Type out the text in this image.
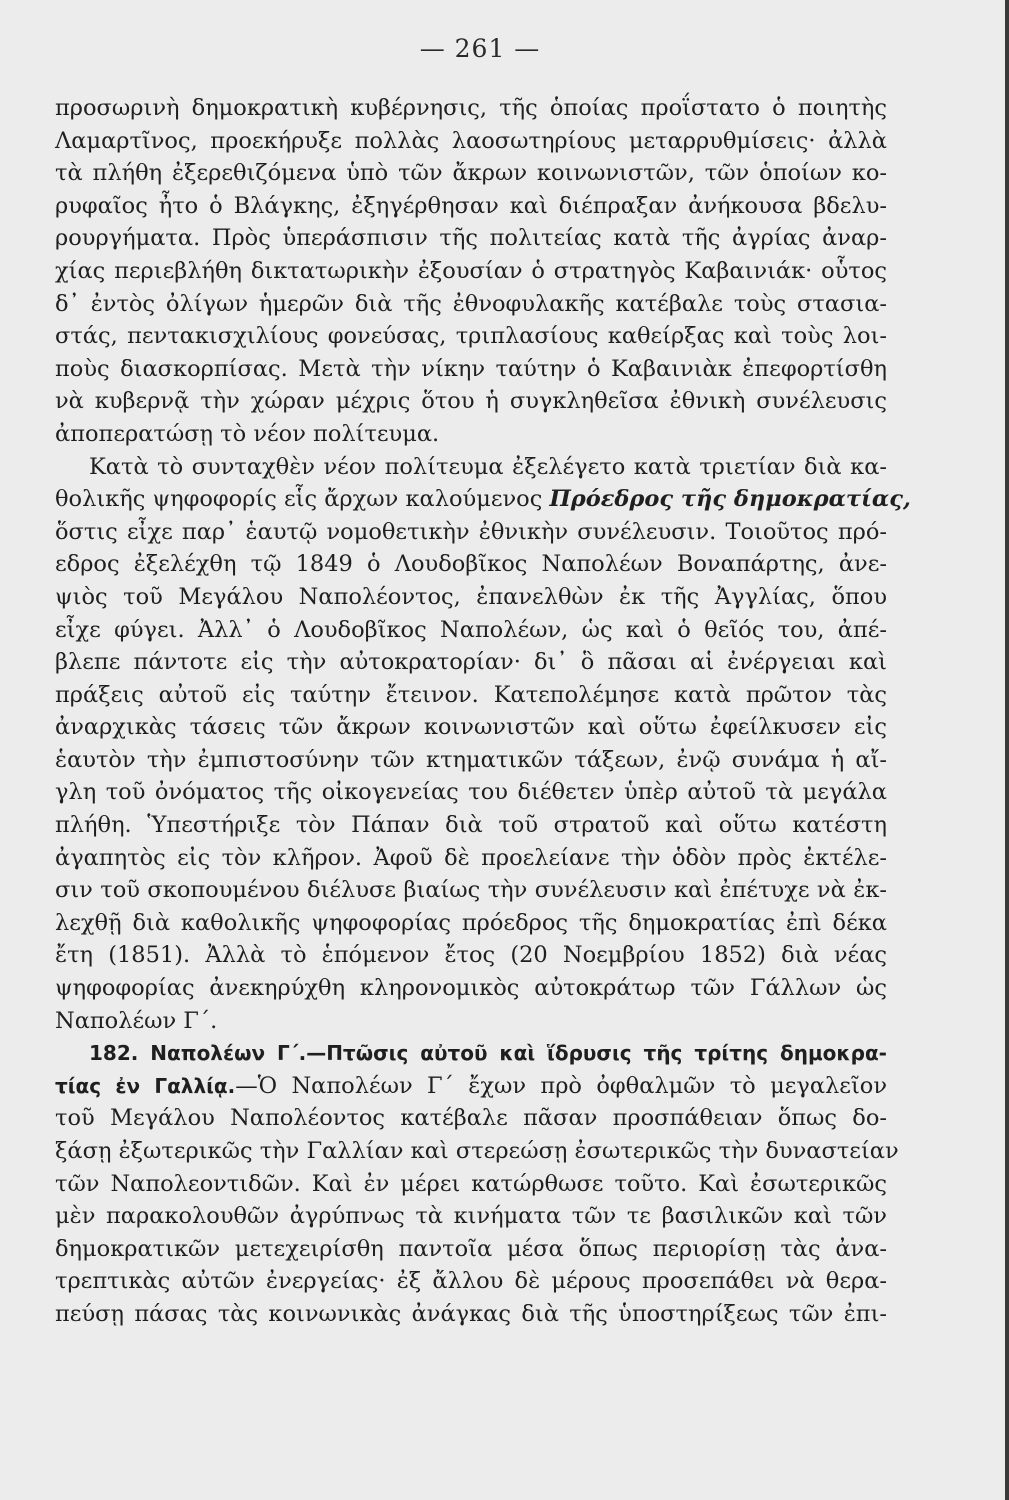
— 261 —
προσωρινὴ δημοκρατικὴ κυβέρνησις, τῆς ὁποίας προΐστατο ὁ ποιητὴς
Λαμαρτῖνος, προεκήρυξε πολλὰς λαοσωτηρίους μεταρρυθμίσεις· ἀλλὰ
τὰ πλήθη ἐξερεθιζόμενα ὑπὸ τῶν ἄκρων κοινωνιστῶν, τῶν ὁποίων κο-
ρυφαῖος ἦτο ὁ Βλάγκης, ἐξηγέρθησαν καὶ διέπραξαν ἀνήκουσα βδελυ-
ρουργήματα. Πρὸς ὑπεράσπισιν τῆς πολιτείας κατὰ τῆς ἀγρίας ἀναρ-
χίας περιεβλήθη δικτατωρικὴν ἐξουσίαν ὁ στρατηγὸς Καβαινιάκ· οὗτος
δ᾽ ἐντὸς ὀλίγων ἡμερῶν διὰ τῆς ἐθνοφυλακῆς κατέβαλε τοὺς στασια-
στάς, πεντακισχιλίους φονεύσας, τριπλασίους καθείρξας καὶ τοὺς λοι-
ποὺς διασκορπίσας. Μετὰ τὴν νίκην ταύτην ὁ Καβαινιὰκ ἐπεφορτίσθη
νὰ κυβερνᾷ τὴν χώραν μέχρις ὅτου ἡ συγκληθεῖσα ἐθνικὴ συνέλευσις
ἀποπερατώσῃ τὸ νέον πολίτευμα.
Κατὰ τὸ συνταχθὲν νέον πολίτευμα ἐξελέγετο κατὰ τριετίαν διὰ κα-
θολικῆς ψηφοφορίς εἷς ἄρχων καλούμενος Πρόεδρος τῆς δημοκρατίας,
ὅστις εἶχε παρ᾽ ἑαυτῷ νομοθετικὴν ἐθνικὴν συνέλευσιν. Τοιοῦτος πρό-
εδρος ἐξελέχθη τῷ 1849 ὁ Λουδοβῖκος Ναπολέων Βοναπάρτης, ἀνε-
ψιὸς τοῦ Μεγάλου Ναπολέοντος, ἐπανελθὼν ἐκ τῆς Ἀγγλίας, ὅπου
εἶχε φύγει. Ἀλλ᾽ ὁ Λουδοβῖκος Ναπολέων, ὡς καὶ ὁ θεῖός του, ἀπέ-
βλεπε πάντοτε εἰς τὴν αὐτοκρατορίαν· δι᾽ ὃ πᾶσαι αἱ ἐνέργειαι καὶ
πράξεις αὐτοῦ εἰς ταύτην ἔτεινον. Κατεπολέμησε κατὰ πρῶτον τὰς
ἀναρχικὰς τάσεις τῶν ἄκρων κοινωνιστῶν καὶ οὕτω ἐφείλκυσεν εἰς
ἑαυτὸν τὴν ἐμπιστοσύνην τῶν κτηματικῶν τάξεων, ἐνῷ συνάμα ἡ αἴ-
γλη τοῦ ὀνόματος τῆς οἰκογενείας του διέθετεν ὑπὲρ αὐτοῦ τὰ μεγάλα
πλήθη. Ὑπεστήριξε τὸν Πάπαν διὰ τοῦ στρατοῦ καὶ οὕτω κατέστη
ἀγαπητὸς εἰς τὸν κλῆρον. Ἀφοῦ δὲ προελείανε τὴν ὁδὸν πρὸς ἐκτέλε-
σιν τοῦ σκοπουμένου διέλυσε βιαίως τὴν συνέλευσιν καὶ ἐπέτυχε νὰ ἐκ-
λεχθῇ διὰ καθολικῆς ψηφοφορίας πρόεδρος τῆς δημοκρατίας ἐπὶ δέκα
ἔτη (1851). Ἀλλὰ τὸ ἑπόμενον ἔτος (20 Νοεμβρίου 1852) διὰ νέας
ψηφοφορίας ἀνεκηρύχθη κληρονομικὸς αὐτοκράτωρ τῶν Γάλλων ὡς
Ναπολέων Γ΄.
182. Ναπολέων Γ΄.—Πτῶσις αὐτοῦ καὶ ἵδρυσις τῆς τρίτης δημοκρα-
τίας ἐν Γαλλίᾳ.—Ὁ Ναπολέων Γ΄ ἔχων πρὸ ὀφθαλμῶν τὸ μεγαλεῖον
τοῦ Μεγάλου Ναπολέοντος κατέβαλε πᾶσαν προσπάθειαν ὅπως δο-
ξάσῃ ἐξωτερικῶς τὴν Γαλλίαν καὶ στερεώσῃ ἐσωτερικῶς τὴν δυναστείαν
τῶν Ναπολεοντιδῶν. Καὶ ἐν μέρει κατώρθωσε τοῦτο. Καὶ ἐσωτερικῶς
μὲν παρακολουθῶν ἀγρύπνως τὰ κινήματα τῶν τε βασιλικῶν καὶ τῶν
δημοκρατικῶν μετεχειρίσθη παντοῖα μέσα ὅπως περιορίσῃ τὰς ἀνα-
τρεπτικὰς αὐτῶν ἐνεργείας· ἐξ ἄλλου δὲ μέρους προσεπάθει νὰ θερα-
πεύσῃ πάσας τὰς κοινωνικὰς ἀνάγκας διὰ τῆς ὑποστηρίξεως τῶν ἐπι-
